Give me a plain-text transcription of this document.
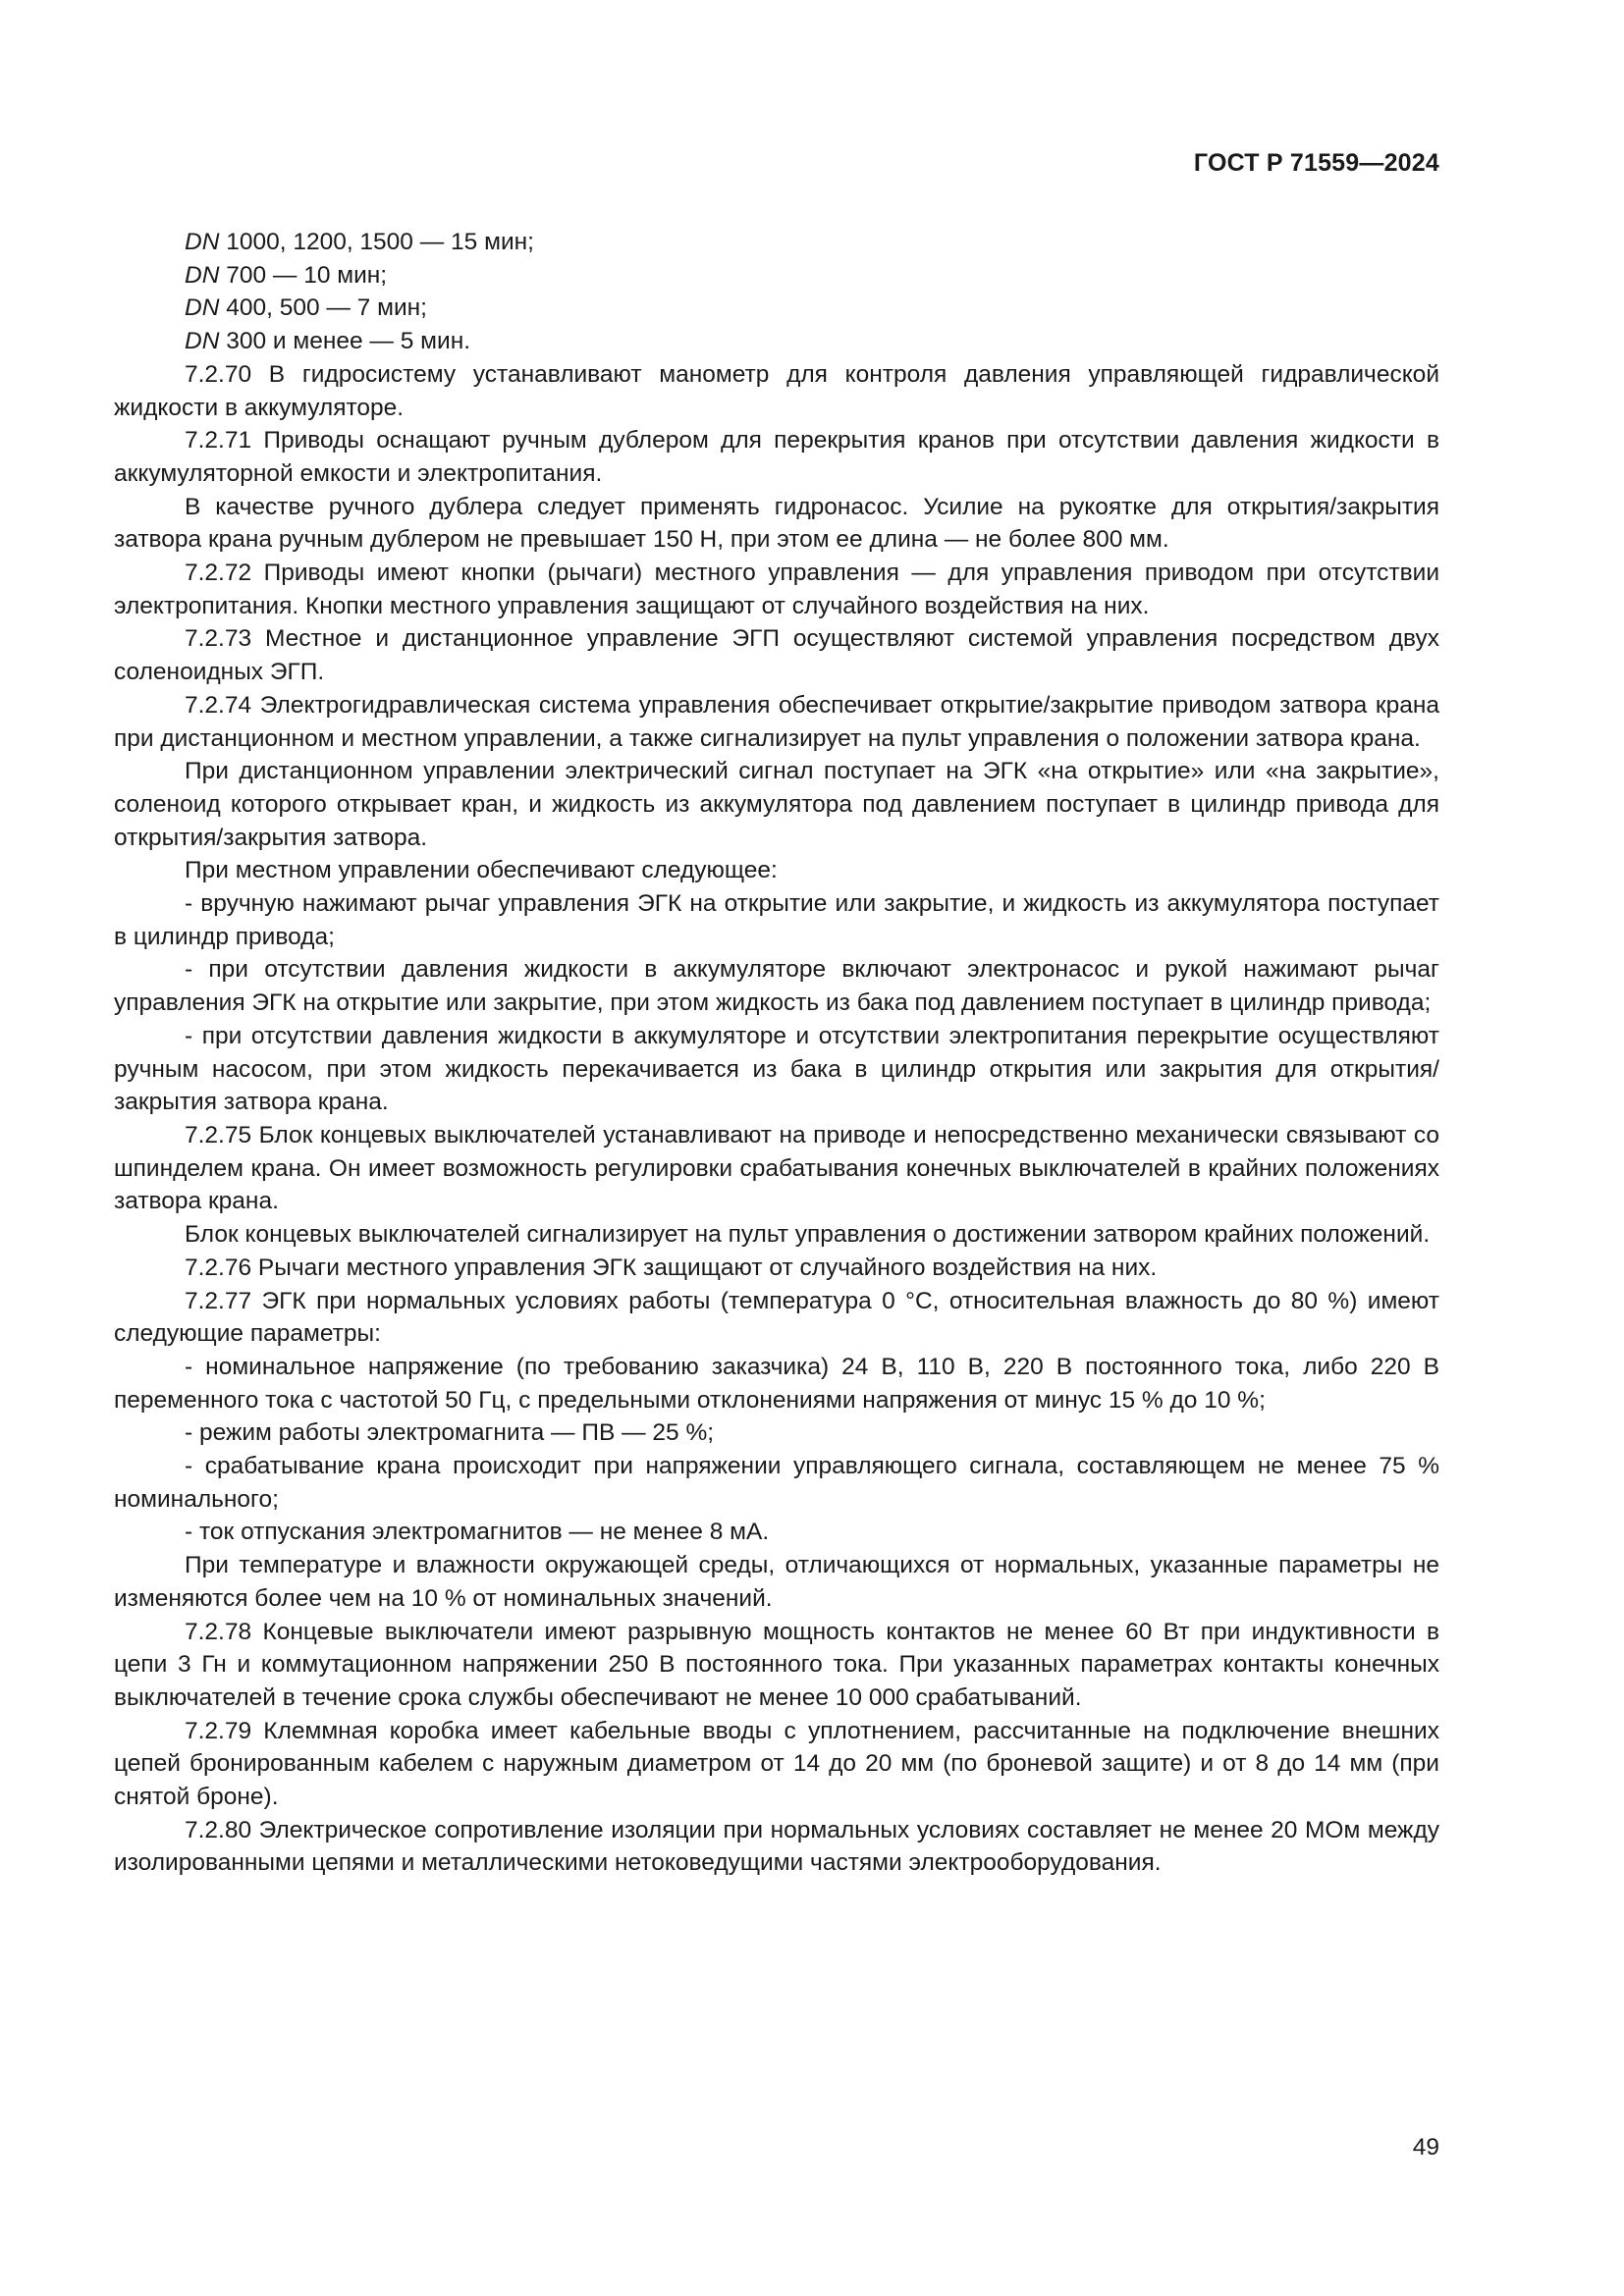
ГОСТ Р 71559—2024

DN 1000, 1200, 1500 — 15 мин;

DN 700 — 10 мин;

DN 400, 500 — 7 мин;

DN 300 и менее — 5 мин.

7.2.70 В гидросистему устанавливают манометр для контроля давления управляющей гидравлической жидкости в аккумуляторе.

7.2.71 Приводы оснащают ручным дублером для перекрытия кранов при отсутствии давления жидкости в аккумуляторной емкости и электропитания.

В качестве ручного дублера следует применять гидронасос. Усилие на рукоятке для открытия/закрытия затвора крана ручным дублером не превышает 150 Н, при этом ее длина — не более 800 мм.

7.2.72 Приводы имеют кнопки (рычаги) местного управления — для управления приводом при отсутствии электропитания. Кнопки местного управления защищают от случайного воздействия на них.

7.2.73 Местное и дистанционное управление ЭГП осуществляют системой управления посредством двух соленоидных ЭГП.

7.2.74 Электрогидравлическая система управления обеспечивает открытие/закрытие приводом затвора крана при дистанционном и местном управлении, а также сигнализирует на пульт управления о положении затвора крана.

При дистанционном управлении электрический сигнал поступает на ЭГК «на открытие» или «на закрытие», соленоид которого открывает кран, и жидкость из аккумулятора под давлением поступает в цилиндр привода для открытия/закрытия затвора.

При местном управлении обеспечивают следующее:

- вручную нажимают рычаг управления ЭГК на открытие или закрытие, и жидкость из аккумулятора поступает в цилиндр привода;

- при отсутствии давления жидкости в аккумуляторе включают электронасос и рукой нажимают рычаг управления ЭГК на открытие или закрытие, при этом жидкость из бака под давлением поступает в цилиндр привода;

- при отсутствии давления жидкости в аккумуляторе и отсутствии электропитания перекрытие осуществляют ручным насосом, при этом жидкость перекачивается из бака в цилиндр открытия или закрытия для открытия/закрытия затвора крана.

7.2.75 Блок концевых выключателей устанавливают на приводе и непосредственно механически связывают со шпинделем крана. Он имеет возможность регулировки срабатывания конечных выключателей в крайних положениях затвора крана.

Блок концевых выключателей сигнализирует на пульт управления о достижении затвором крайних положений.

7.2.76 Рычаги местного управления ЭГК защищают от случайного воздействия на них.

7.2.77 ЭГК при нормальных условиях работы (температура 0 °С, относительная влажность до 80 %) имеют следующие параметры:

- номинальное напряжение (по требованию заказчика) 24 В, 110 В, 220 В постоянного тока, либо 220 В переменного тока с частотой 50 Гц, с предельными отклонениями напряжения от минус 15 % до 10 %;

- режим работы электромагнита — ПВ — 25 %;

- срабатывание крана происходит при напряжении управляющего сигнала, составляющем не менее 75 % номинального;

- ток отпускания электромагнитов — не менее 8 мА.

При температуре и влажности окружающей среды, отличающихся от нормальных, указанные параметры не изменяются более чем на 10 % от номинальных значений.

7.2.78 Концевые выключатели имеют разрывную мощность контактов не менее 60 Вт при индуктивности в цепи 3 Гн и коммутационном напряжении 250 В постоянного тока. При указанных параметрах контакты конечных выключателей в течение срока службы обеспечивают не менее 10 000 срабатываний.

7.2.79 Клеммная коробка имеет кабельные вводы с уплотнением, рассчитанные на подключение внешних цепей бронированным кабелем с наружным диаметром от 14 до 20 мм (по броневой защите) и от 8 до 14 мм (при снятой броне).

7.2.80 Электрическое сопротивление изоляции при нормальных условиях составляет не менее 20 МОм между изолированными цепями и металлическими нетоковедущими частями электрооборудования.

49
